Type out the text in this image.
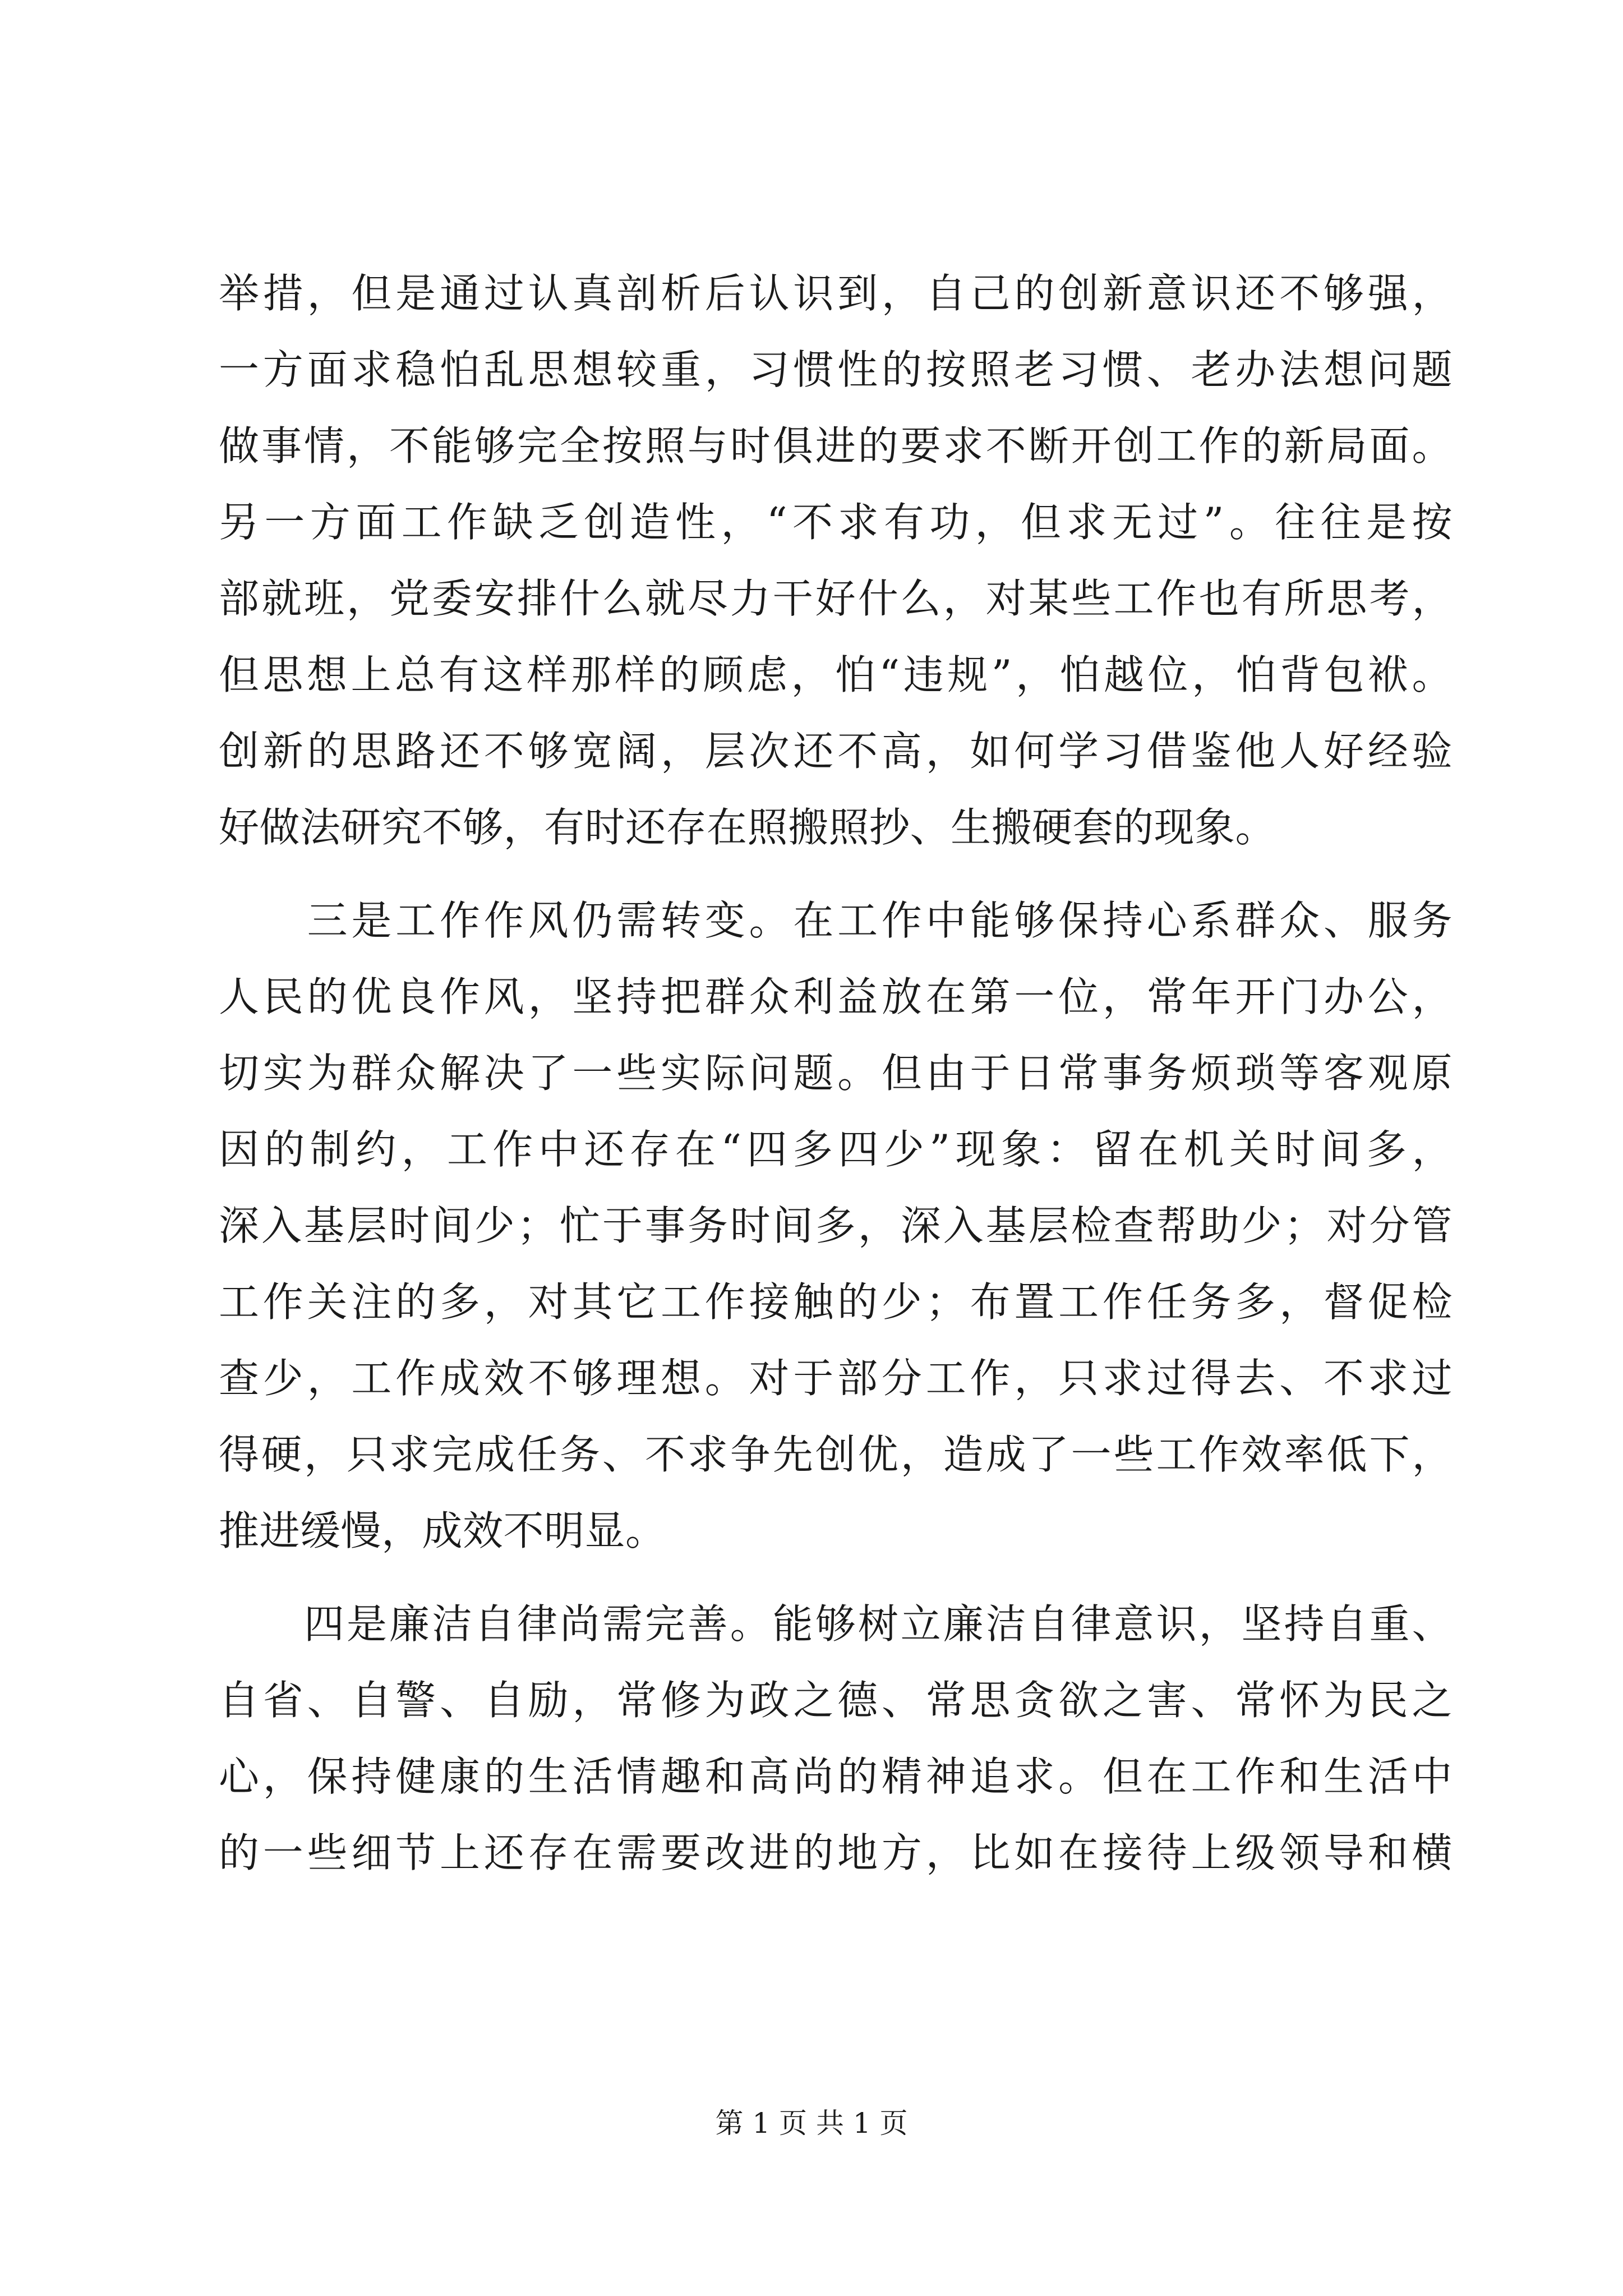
举措，但是通过认真剖析后认识到，自己的创新意识还不够强，
一方面求稳怕乱思想较重，习惯性的按照老习惯、老办法想问题
做事情，不能够完全按照与时俱进的要求不断开创工作的新局面。
另一方面工作缺乏创造性，“不求有功，但求无过”。往往是按
部就班，党委安排什么就尽力干好什么，对某些工作也有所思考，
但思想上总有这样那样的顾虑，怕“违规”，怕越位，怕背包袱。
创新的思路还不够宽阔，层次还不高，如何学习借鉴他人好经验
好做法研究不够，有时还存在照搬照抄、生搬硬套的现象。
　　三是工作作风仍需转变。在工作中能够保持心系群众、服务
人民的优良作风，坚持把群众利益放在第一位，常年开门办公，
切实为群众解决了一些实际问题。但由于日常事务烦琐等客观原
因的制约，工作中还存在“四多四少”现象：留在机关时间多，
深入基层时间少；忙于事务时间多，深入基层检查帮助少；对分管
工作关注的多，对其它工作接触的少；布置工作任务多，督促检
查少，工作成效不够理想。对于部分工作，只求过得去、不求过
得硬，只求完成任务、不求争先创优，造成了一些工作效率低下，
推进缓慢，成效不明显。
　　四是廉洁自律尚需完善。能够树立廉洁自律意识，坚持自重、
自省、自警、自励，常修为政之德、常思贪欲之害、常怀为民之
心，保持健康的生活情趣和高尚的精神追求。但在工作和生活中
的一些细节上还存在需要改进的地方，比如在接待上级领导和横
第 1 页 共 1 页
